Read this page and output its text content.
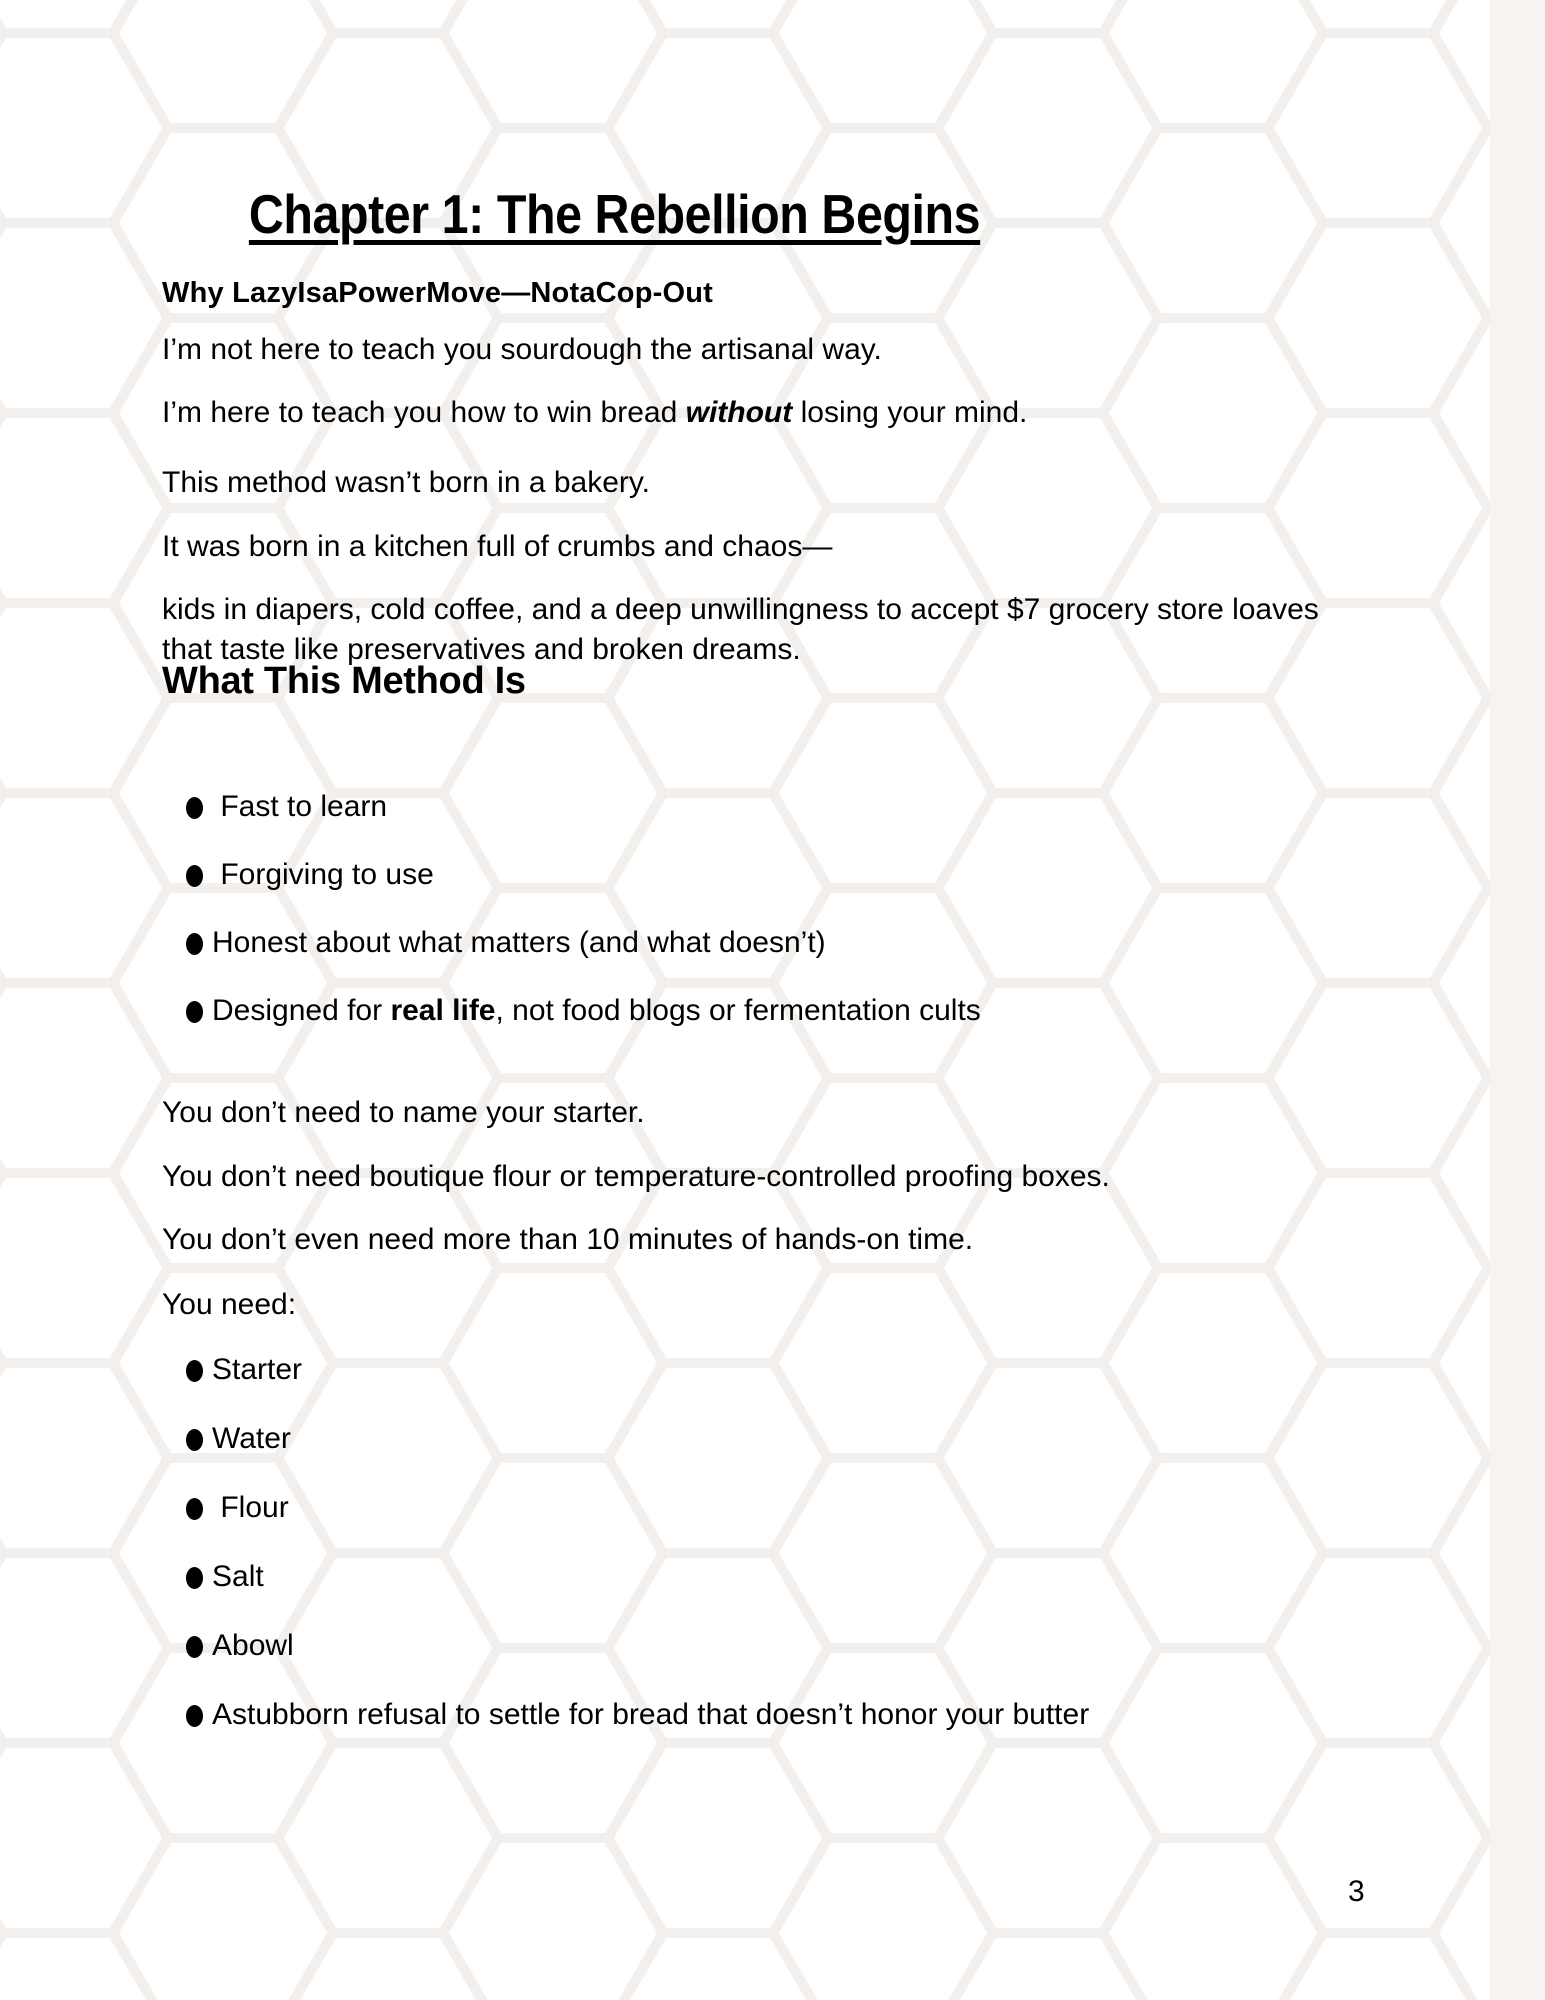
Chapter 1: The Rebellion Begins
Why LazyIsaPowerMove—NotaCop-Out
I’m not here to teach you sourdough the artisanal way.
I’m here to teach you how to win bread without losing your mind.
This method wasn’t born in a bakery.
It was born in a kitchen full of crumbs and chaos—
kids in diapers, cold coffee, and a deep unwillingness to accept $7 grocery store loaves
that taste like preservatives and broken dreams.
What This Method Is
Fast to learn
Forgiving to use
Honest about what matters (and what doesn’t)
Designed for real life, not food blogs or fermentation cults
You don’t need to name your starter.
You don’t need boutique flour or temperature-controlled proofing boxes.
You don’t even need more than 10 minutes of hands-on time.
You need:
Starter
Water
Flour
Salt
Abowl
Astubborn refusal to settle for bread that doesn’t honor your butter
3
